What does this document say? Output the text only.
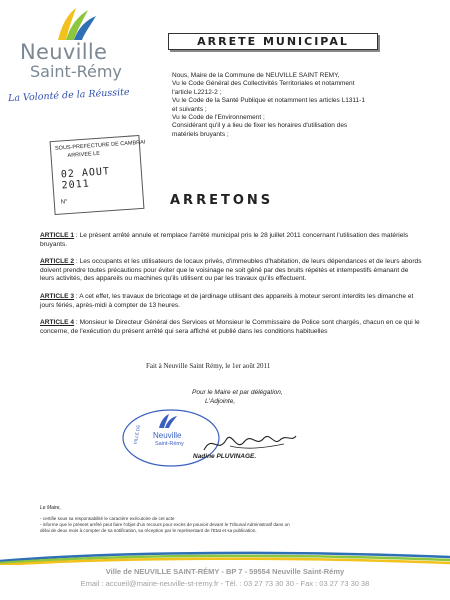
Neuville
Saint-Rémy
La Volonté de la Réussite
ARRETE MUNICIPAL
Nous, Maire de la Commune de NEUVILLE SAINT REMY,
Vu le Code Général des Collectivités Territoriales et notamment
l'article L2212-2 ;
Vu le Code de la Santé Publique et notamment les articles L1311-1
et suivants ;
Vu le Code de l'Environnement ;
Considérant qu'il y a lieu de fixer les horaires d'utilisation des
matériels bruyants ;
SOUS-PREFECTURE DE CAMBRAI
ARRIVEE LE
02 AOUT 2011
N°	ARRETONS
ARTICLE 1 : Le présent arrêté annule et remplace l'arrêté municipal pris le 28 juillet 2011 concernant l'utilisation des matériels bruyants.
ARTICLE 2 : Les occupants et les utilisateurs de locaux privés, d'immeubles d'habitation, de leurs dépendances et de leurs abords doivent prendre toutes précautions pour éviter que le voisinage ne soit gêné par des bruits répétés et intempestifs émanant de leurs activités, des appareils ou machines qu'ils utilisent ou par les travaux qu'ils effectuent.
ARTICLE 3 : A cet effet, les travaux de bricolage et de jardinage utilisant des appareils à moteur seront interdits les dimanche et jours fériés, après-midi à compter de 13 heures.
ARTICLE 4 : Monsieur le Directeur Général des Services et Monsieur le Commissaire de Police sont chargés, chacun en ce qui le concerne, de l'exécution du présent arrêté qui sera affiché et publié dans les conditions habituelles
Fait à Neuville Saint Rémy, le 1er août 2011
Pour le Maire et par délégation,
L'Adjointe,
VILLE DE Neuville
Saint-Rémy
Nadine PLUVINAGE.
Le Maire,
- certifie sous sa responsabilité le caractère exécutoire de cet acte
- informe que le présent arrêté peut faire l'objet d'un recours pour excès de pouvoir devant le Tribunal Administratif dans un
délai de deux mois à compter de sa notification, sa réception par le représentant de l'Etat et sa publication.
Ville de NEUVILLE SAINT-RÉMY - BP 7 - 59554 Neuville Saint-Rémy
Email : accueil@mairie-neuville-st-remy.fr - Tél. : 03 27 73 30 30 - Fax : 03 27 73 30 38
